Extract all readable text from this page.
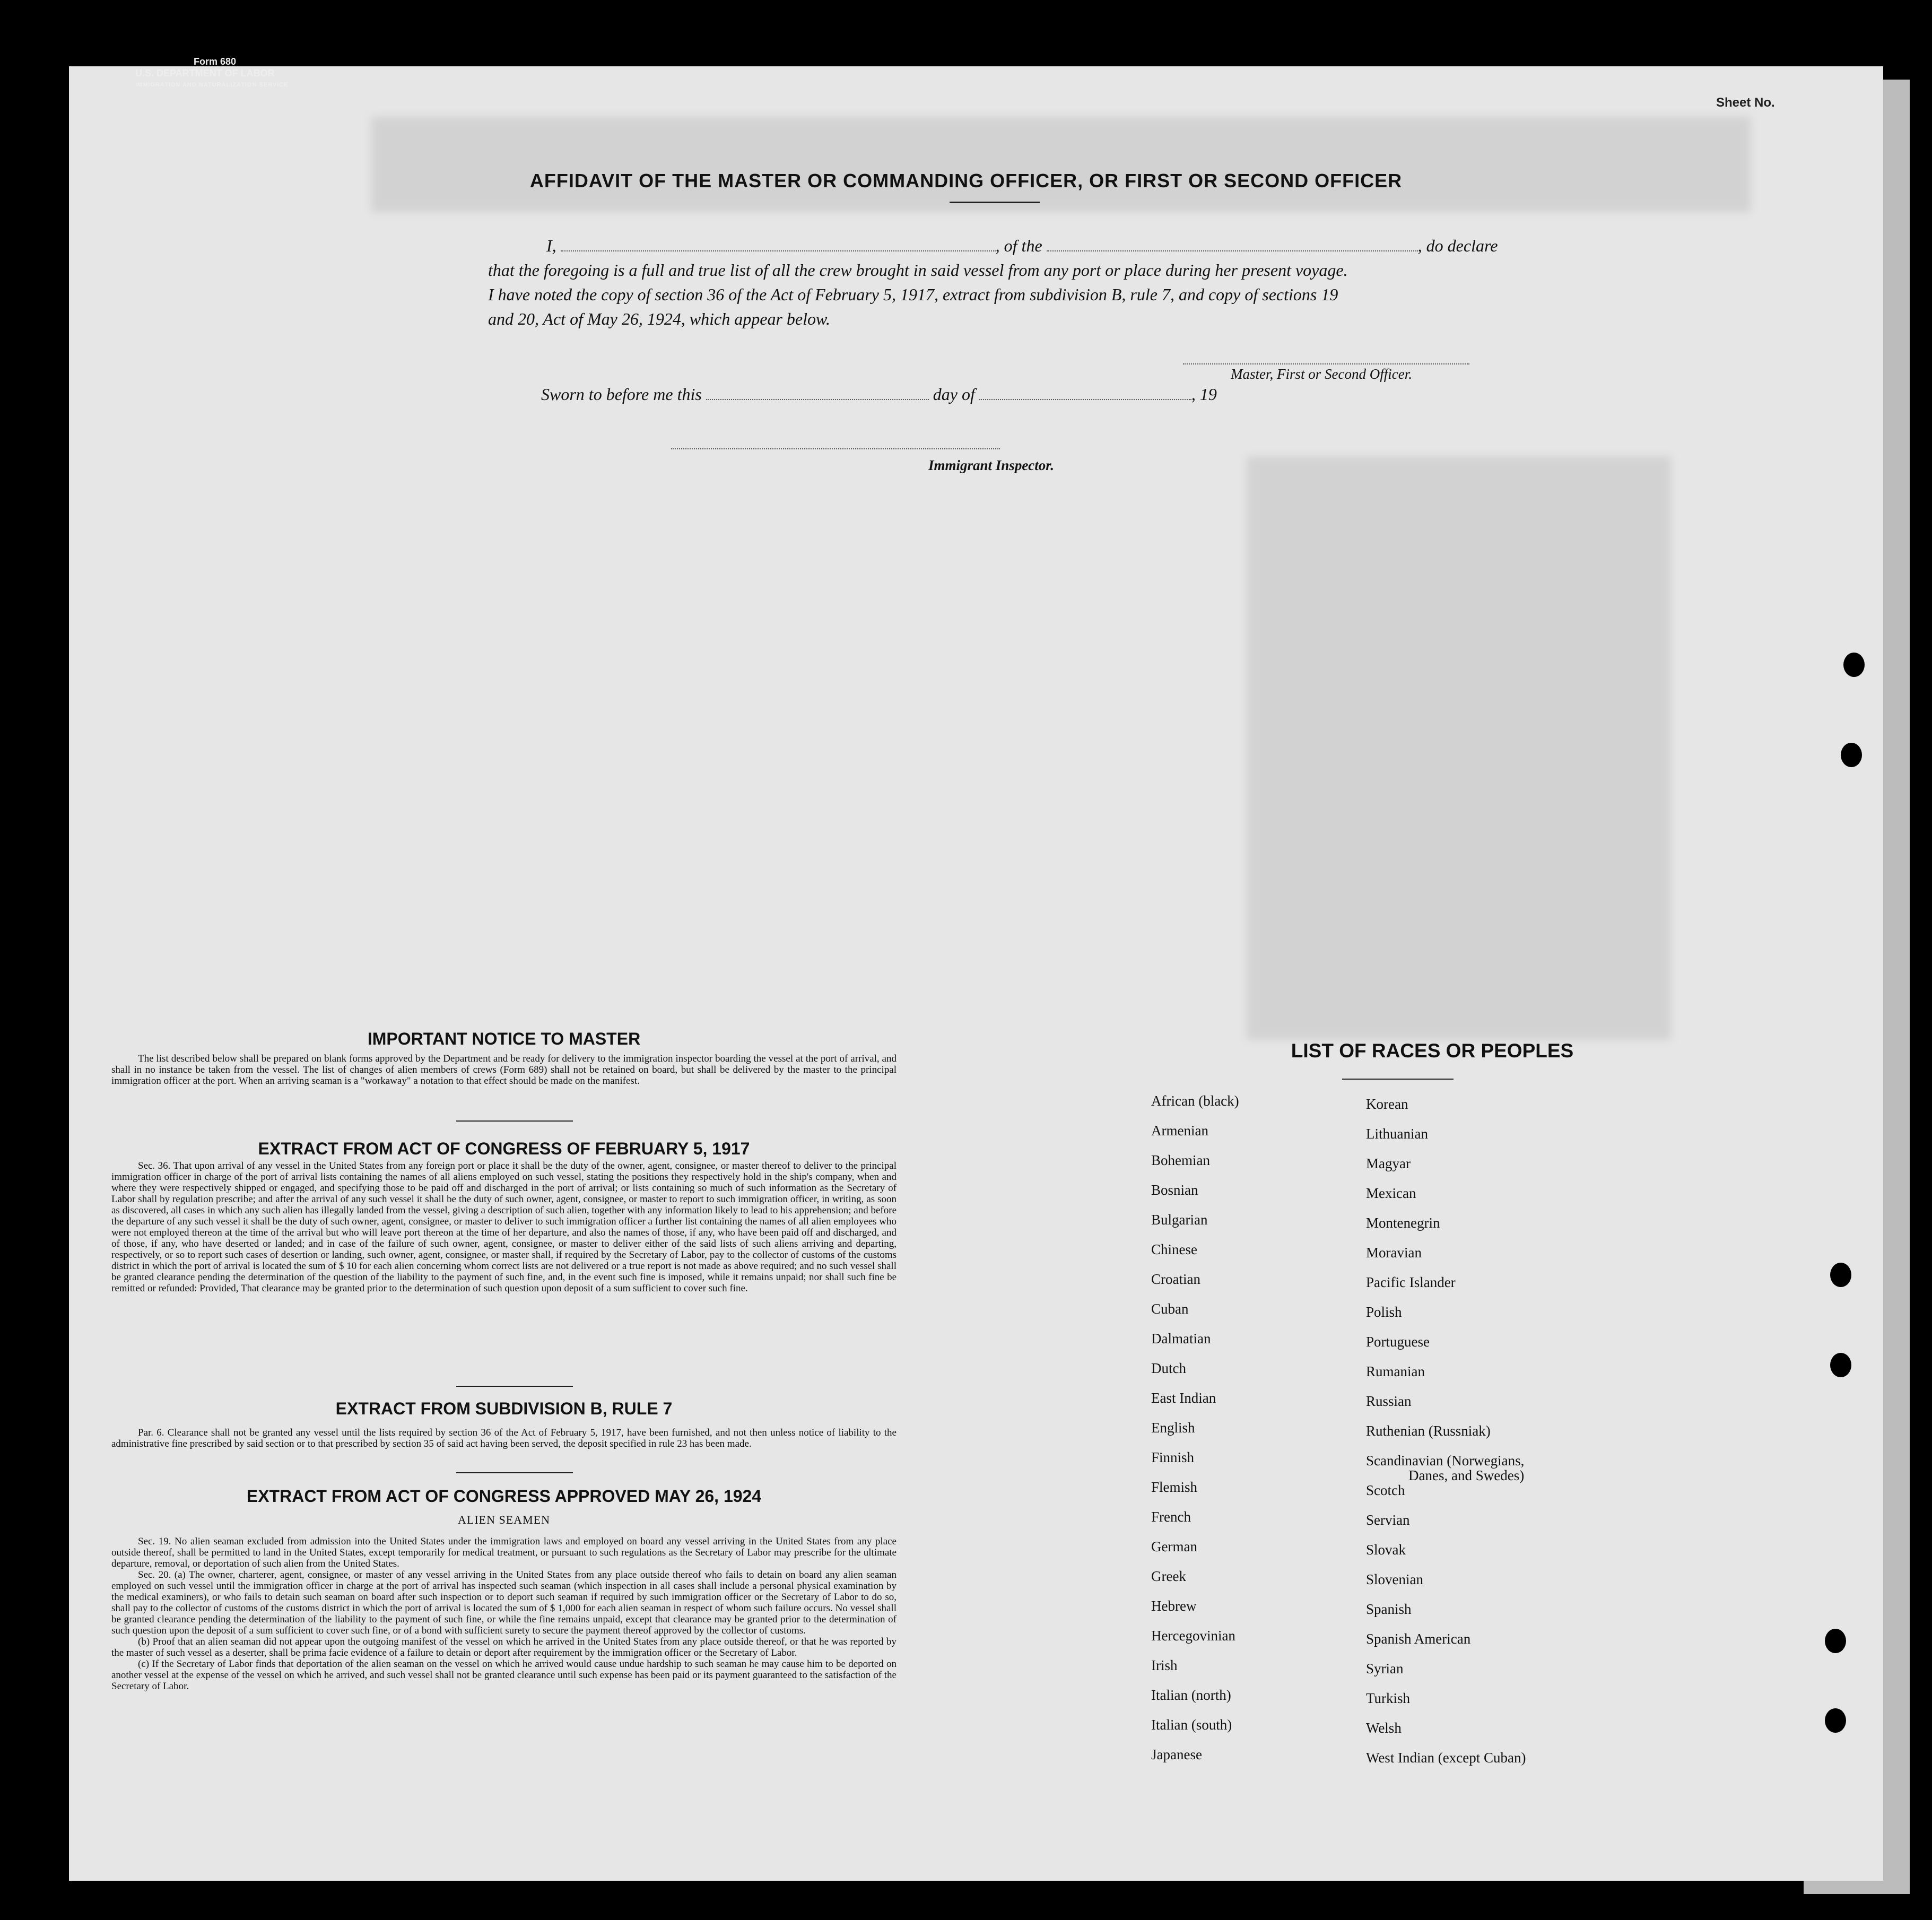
Form 680
U.S. DEPARTMENT OF LABOR
IMMIGRATION AND NATURALIZATION SERVICE
Sheet No.
AFFIDAVIT OF THE MASTER OR COMMANDING OFFICER, OR FIRST OR SECOND OFFICER
I,	, of the	, do declare
that the foregoing is a full and true list of all the crew brought in said vessel from any port or place during her present voyage.
I have noted the copy of section 36 of the Act of February 5, 1917, extract from subdivision B, rule 7, and copy of sections 19
and 20, Act of May 26, 1924, which appear below.
Master, First or Second Officer.
Sworn to before me this	day of	, 19
Immigrant Inspector.
IMPORTANT NOTICE TO MASTER
The list described below shall be prepared on blank forms approved by the Department and be ready for delivery to the immigration inspector boarding the vessel at the port of arrival, and shall in no instance be taken from the vessel. The list of changes of alien members of crews (Form 689) shall not be retained on board, but shall be delivered by the master to the principal immigration officer at the port. When an arriving seaman is a "workaway" a notation to that effect should be made on the manifest.
EXTRACT FROM ACT OF CONGRESS OF FEBRUARY 5, 1917
Sec. 36. That upon arrival of any vessel in the United States from any foreign port or place it shall be the duty of the owner, agent, consignee, or master thereof to deliver to the principal immigration officer in charge of the port of arrival lists containing the names of all aliens employed on such vessel, stating the positions they respectively hold in the ship's company, when and where they were respectively shipped or engaged, and specifying those to be paid off and discharged in the port of arrival; or lists containing so much of such information as the Secretary of Labor shall by regulation prescribe; and after the arrival of any such vessel it shall be the duty of such owner, agent, consignee, or master to report to such immigration officer, in writing, as soon as discovered, all cases in which any such alien has illegally landed from the vessel, giving a description of such alien, together with any information likely to lead to his apprehension; and before the departure of any such vessel it shall be the duty of such owner, agent, consignee, or master to deliver to such immigration officer a further list containing the names of all alien employees who were not employed thereon at the time of the arrival but who will leave port thereon at the time of her departure, and also the names of those, if any, who have been paid off and discharged, and of those, if any, who have deserted or landed; and in case of the failure of such owner, agent, consignee, or master to deliver either of the said lists of such aliens arriving and departing, respectively, or so to report such cases of desertion or landing, such owner, agent, consignee, or master shall, if required by the Secretary of Labor, pay to the collector of customs of the customs district in which the port of arrival is located the sum of $ 10 for each alien concerning whom correct lists are not delivered or a true report is not made as above required; and no such vessel shall be granted clearance pending the determination of the question of the liability to the payment of such fine, and, in the event such fine is imposed, while it remains unpaid; nor shall such fine be remitted or refunded: Provided, That clearance may be granted prior to the determination of such question upon deposit of a sum sufficient to cover such fine.
EXTRACT FROM SUBDIVISION B, RULE 7
Par. 6. Clearance shall not be granted any vessel until the lists required by section 36 of the Act of February 5, 1917, have been furnished, and not then unless notice of liability to the administrative fine prescribed by said section or to that prescribed by section 35 of said act having been served, the deposit specified in rule 23 has been made.
EXTRACT FROM ACT OF CONGRESS APPROVED MAY 26, 1924
ALIEN SEAMEN
Sec. 19. No alien seaman excluded from admission into the United States under the immigration laws and employed on board any vessel arriving in the United States from any place outside thereof, shall be permitted to land in the United States, except temporarily for medical treatment, or pursuant to such regulations as the Secretary of Labor may prescribe for the ultimate departure, removal, or deportation of such alien from the United States.
Sec. 20. (a) The owner, charterer, agent, consignee, or master of any vessel arriving in the United States from any place outside thereof who fails to detain on board any alien seaman employed on such vessel until the immigration officer in charge at the port of arrival has inspected such seaman (which inspection in all cases shall include a personal physical examination by the medical examiners), or who fails to detain such seaman on board after such inspection or to deport such seaman if required by such immigration officer or the Secretary of Labor to do so, shall pay to the collector of customs of the customs district in which the port of arrival is located the sum of $ 1,000 for each alien seaman in respect of whom such failure occurs. No vessel shall be granted clearance pending the determination of the liability to the payment of such fine, or while the fine remains unpaid, except that clearance may be granted prior to the determination of such question upon the deposit of a sum sufficient to cover such fine, or of a bond with sufficient surety to secure the payment thereof approved by the collector of customs.
(b) Proof that an alien seaman did not appear upon the outgoing manifest of the vessel on which he arrived in the United States from any place outside thereof, or that he was reported by the master of such vessel as a deserter, shall be prima facie evidence of a failure to detain or deport after requirement by the immigration officer or the Secretary of Labor.
(c) If the Secretary of Labor finds that deportation of the alien seaman on the vessel on which he arrived would cause undue hardship to such seaman he may cause him to be deported on another vessel at the expense of the vessel on which he arrived, and such vessel shall not be granted clearance until such expense has been paid or its payment guaranteed to the satisfaction of the Secretary of Labor.
LIST OF RACES OR PEOPLES
African (black)
Armenian
Bohemian
Bosnian
Bulgarian
Chinese
Croatian
Cuban
Dalmatian
Dutch
East Indian
English
Finnish
Flemish
French
German
Greek
Hebrew
Hercegovinian
Irish
Italian (north)
Italian (south)
Japanese
Korean
Lithuanian
Magyar
Mexican
Montenegrin
Moravian
Pacific Islander
Polish
Portuguese
Rumanian
Russian
Ruthenian (Russniak)
Scandinavian (Norwegians,
Danes, and Swedes)
Scotch
Servian
Slovak
Slovenian
Spanish
Spanish American
Syrian
Turkish
Welsh
West Indian (except Cuban)
